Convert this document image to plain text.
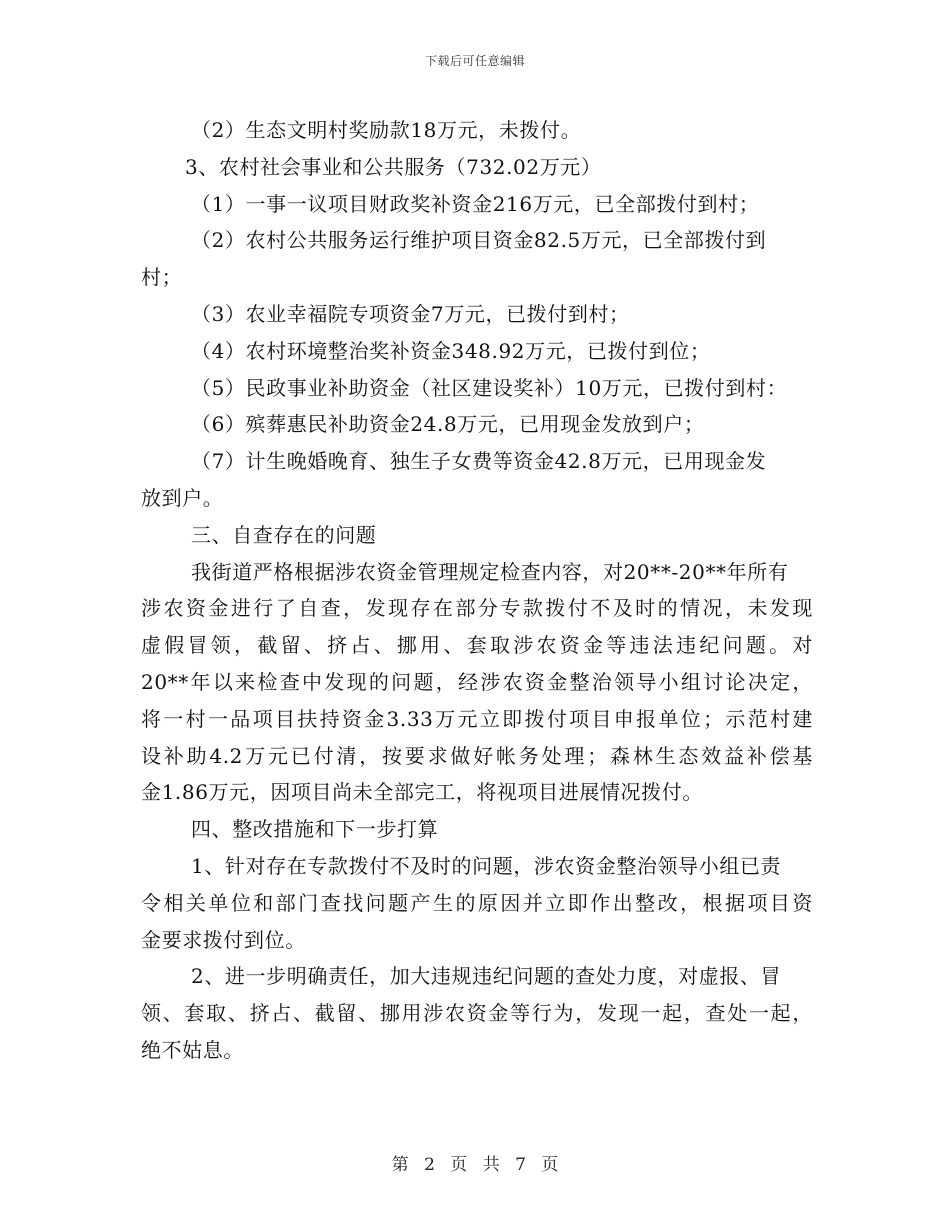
下载后可任意编辑
（2）生态文明村奖励款18万元，未拨付。
3、农村社会事业和公共服务（732.02万元）
（1）一事一议项目财政奖补资金216万元，已全部拨付到村；
（2）农村公共服务运行维护项目资金82.5万元，已全部拨付到
村；
（3）农业幸福院专项资金7万元，已拨付到村；
（4）农村环境整治奖补资金348.92万元，已拨付到位；
（5）民政事业补助资金（社区建设奖补）10万元，已拨付到村：
（6）殡葬惠民补助资金24.8万元，已用现金发放到户；
（7）计生晚婚晚育、独生子女费等资金42.8万元，已用现金发
放到户。
三、自查存在的问题
我街道严格根据涉农资金管理规定检查内容，对20**-20**年所有
涉农资金进行了自查，发现存在部分专款拨付不及时的情况，未发现
虚假冒领，截留、挤占、挪用、套取涉农资金等违法违纪问题。对
20**年以来检查中发现的问题，经涉农资金整治领导小组讨论决定，
将一村一品项目扶持资金3.33万元立即拨付项目申报单位；示范村建
设补助4.2万元已付清，按要求做好帐务处理；森林生态效益补偿基
金1.86万元，因项目尚未全部完工，将视项目进展情况拨付。
四、整改措施和下一步打算
1、针对存在专款拨付不及时的问题，涉农资金整治领导小组已责
令相关单位和部门查找问题产生的原因并立即作出整改，根据项目资
金要求拨付到位。
2、进一步明确责任，加大违规违纪问题的查处力度，对虚报、冒
领、套取、挤占、截留、挪用涉农资金等行为，发现一起，查处一起，
绝不姑息。
第 2 页 共 7 页
